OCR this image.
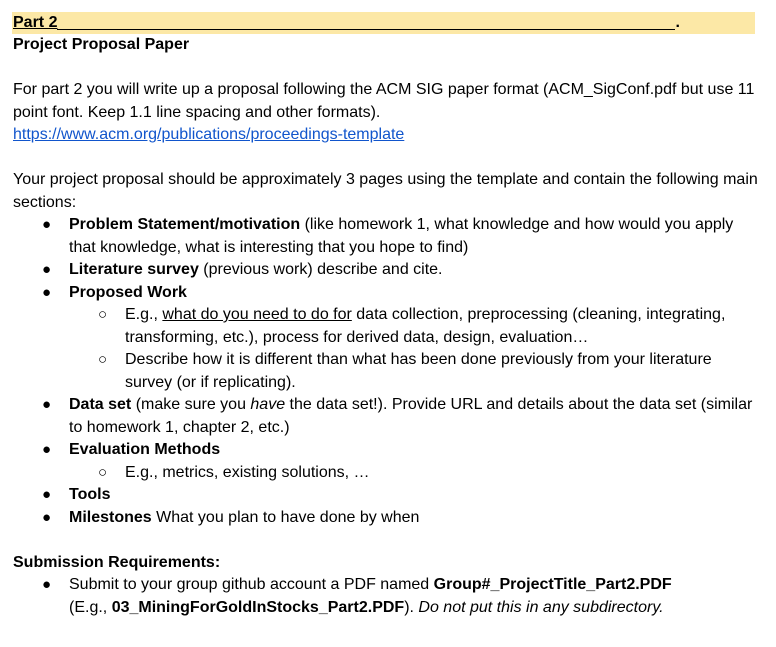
Part 2	.
Project Proposal Paper
For part 2 you will write up a proposal following the ACM SIG paper format (ACM_SigConf.pdf but use 11 point font. Keep 1.1 line spacing and other formats).
https://www.acm.org/publications/proceedings-template
Your project proposal should be approximately 3 pages using the template and contain the following main sections:
● Problem Statement/motivation (like homework 1, what knowledge and how would you apply that knowledge, what is interesting that you hope to find)
● Literature survey (previous work) describe and cite.
● Proposed Work
○ E.g., what do you need to do for data collection, preprocessing (cleaning, integrating, transforming, etc.), process for derived data, design, evaluation…
○ Describe how it is different than what has been done previously from your literature survey (or if replicating).
● Data set (make sure you have the data set!). Provide URL and details about the data set (similar to homework 1, chapter 2, etc.)
● Evaluation Methods
○ E.g., metrics, existing solutions, …
● Tools
● Milestones What you plan to have done by when
Submission Requirements:
● Submit to your group github account a PDF named Group#_ProjectTitle_Part2.PDF
(E.g., 03_MiningForGoldInStocks_Part2.PDF). Do not put this in any subdirectory.
